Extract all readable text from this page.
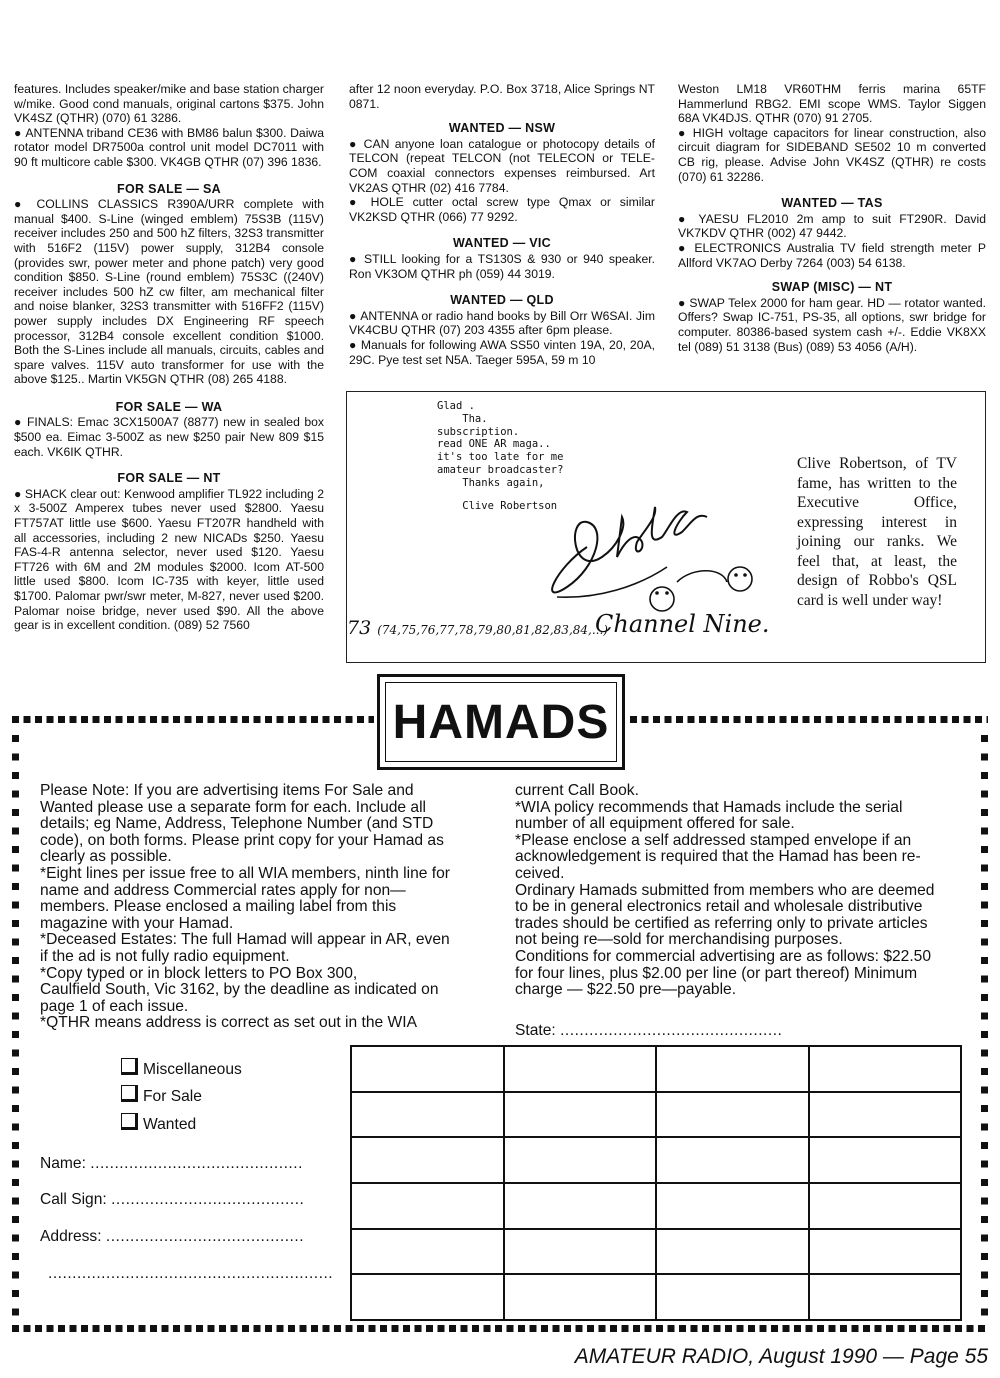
features. Includes speaker/mike and base station charger w/mike. Good cond manuals, original cartons $375. John VK4SZ (QTHR) (070) 61 3286.

● ANTENNA triband CE36 with BM86 balun $300. Daiwa rotator model DR7500a control unit model DC7011 with 90 ft multicore cable $300. VK4GB QTHR (07) 396 1836.

FOR SALE — SA

● COLLINS CLASSICS R390A/URR complete with manual $400. S-Line (winged emblem) 75S3B (115V) receiver includes 250 and 500 hZ filters, 32S3 transmitter with 516F2 (115V) power supply, 312B4 console (provides swr, power meter and phone patch) very good condition $850. S-Line (round emblem) 75S3C ((240V) receiver includes 500 hZ cw filter, am mechanical filter and noise blanker, 32S3 transmitter with 516FF2 (115V) power supply includes DX Engineering RF speech processor, 312B4 console excellent condition $1000. Both the S-Lines include all manuals, circuits, cables and spare valves. 115V auto transformer for use with the above $125.. Martin VK5GN QTHR (08) 265 4188.

FOR SALE — WA

● FINALS: Emac 3CX1500A7 (8877) new in sealed box $500 ea. Eimac 3-500Z as new $250 pair New 809 $15 each. VK6IK QTHR.

FOR SALE — NT

● SHACK clear out: Kenwood amplifier TL922 including 2 x 3-500Z Amperex tubes never used $2800. Yaesu FT757AT little use $600. Yaesu FT207R handheld with all accessories, including 2 new NICADs $250. Yaesu FAS-4-R antenna selector, never used $120. Yaesu FT726 with 6M and 2M modules $2000. Icom AT-500 little used $800. Icom IC-735 with keyer, little used $1700. Palomar pwr/swr meter, M-827, never used $200. Palomar noise bridge, never used $90. All the above gear is in excellent condition. (089) 52 7560

after 12 noon everyday. P.O. Box 3718, Alice Springs NT 0871.

WANTED — NSW

● CAN anyone loan catalogue or photocopy details of TELCON (repeat TELCON (not TELECON or TELE-COM coaxial connectors expenses reimbursed. Art VK2AS QTHR (02) 416 7784.

● HOLE cutter octal screw type Qmax or similar VK2KSD QTHR (066) 77 9292.

WANTED — VIC

● STILL looking for a TS130S & 930 or 940 speaker. Ron VK3OM QTHR ph (059) 44 3019.

WANTED — QLD

● ANTENNA or radio hand books by Bill Orr W6SAI. Jim VK4CBU QTHR (07) 203 4355 after 6pm please.

● Manuals for following AWA SS50 vinten 19A, 20, 20A, 29C. Pye test set N5A. Taeger 595A, 59 m 10

Weston LM18 VR60THM ferris marina 65TF Hammerlund RBG2. EMI scope WMS. Taylor Siggen 68A VK4DJS. QTHR (070) 91 2705.

● HIGH voltage capacitors for linear construction, also circuit diagram for SIDEBAND SE502 10 m converted CB rig, please. Advise John VK4SZ (QTHR) re costs (070) 61 32286.

WANTED — TAS

● YAESU FL2010 2m amp to suit FT290R. David VK7KDV QTHR (002) 47 9442.

● ELECTRONICS Australia TV field strength meter P Allford VK7AO Derby 7264 (003) 54 6138.

SWAP (MISC) — NT

● SWAP Telex 2000 for ham gear. HD — rotator wanted. Offers? Swap IC-751, PS-35, all options, swr bridge for computer. 80386-based system cash +/-. Eddie VK8XX tel (089) 51 3138 (Bus) (089) 53 4056 (A/H).

Glad .
Tha.
subscription.
read ONE AR maga..
it's too late for me
amateur broadcaster?
Thanks again,
Clive Robertson
73 (74,75,76,77,78,79,80,81,82,83,84,...)
Channel Nine.
Clive Robertson, of TV fame, has written to the Executive Office, expressing interest in joining our ranks. We feel that, at least, the design of Robbo's QSL card is well under way!
HAMADS
Please Note: If you are advertising items For Sale and
Wanted please use a separate form for each. Include all
details; eg Name, Address, Telephone Number (and STD
code), on both forms. Please print copy for your Hamad as
clearly as possible.
*Eight lines per issue free to all WIA members, ninth line for
name and address Commercial rates apply for non—
members. Please enclosed a mailing label from this
magazine with your Hamad.
*Deceased Estates: The full Hamad will appear in AR, even
if the ad is not fully radio equipment.
*Copy typed or in block letters to PO Box 300,
Caulfield South, Vic 3162, by the deadline as indicated on
page 1 of each issue.
*QTHR means address is correct as set out in the WIA
current Call Book.
*WIA policy recommends that Hamads include the serial
number of all equipment offered for sale.
*Please enclose a self addressed stamped envelope if an
acknowledgement is required that the Hamad has been re-
ceived.
Ordinary Hamads submitted from members who are deemed
to be in general electronics retail and wholesale distributive
trades should be certified as referring only to private articles
not being re—sold for merchandising purposes.
Conditions for commercial advertising are as follows: $22.50
for four lines, plus $2.00 per line (or part thereof) Minimum
charge — $22.50 pre—payable.
Miscellaneous
For Sale
Wanted
Name: ............................................
Call Sign: ........................................
Address: .........................................
...........................................................
State: ..............................................

AMATEUR RADIO, August 1990 — Page 55
